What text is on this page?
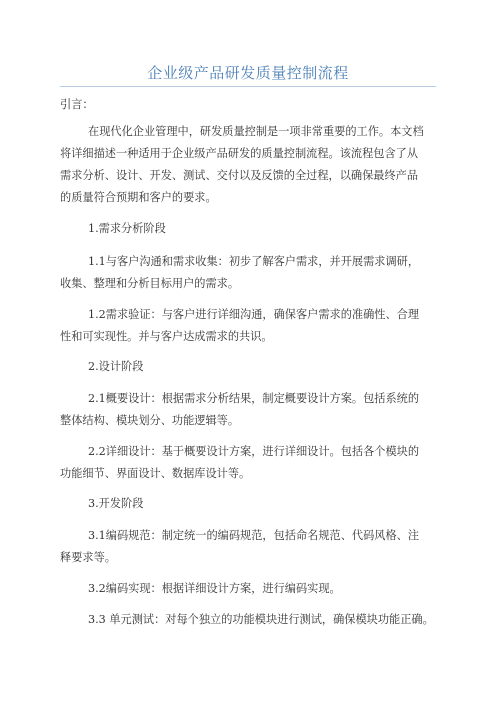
企业级产品研发质量控制流程
引言：
在现代化企业管理中，研发质量控制是一项非常重要的工作。本文档
将详细描述一种适用于企业级产品研发的质量控制流程。该流程包含了从
需求分析、设计、开发、测试、交付以及反馈的全过程，以确保最终产品
的质量符合预期和客户的要求。
1.需求分析阶段
1.1与客户沟通和需求收集：初步了解客户需求，并开展需求调研，
收集、整理和分析目标用户的需求。
1.2需求验证：与客户进行详细沟通，确保客户需求的准确性、合理
性和可实现性。并与客户达成需求的共识。
2.设计阶段
2.1概要设计：根据需求分析结果，制定概要设计方案。包括系统的
整体结构、模块划分、功能逻辑等。
2.2详细设计：基于概要设计方案，进行详细设计。包括各个模块的
功能细节、界面设计、数据库设计等。
3.开发阶段
3.1编码规范：制定统一的编码规范，包括命名规范、代码风格、注
释要求等。
3.2编码实现：根据详细设计方案，进行编码实现。
3.3 单元测试：对每个独立的功能模块进行测试，确保模块功能正确。
